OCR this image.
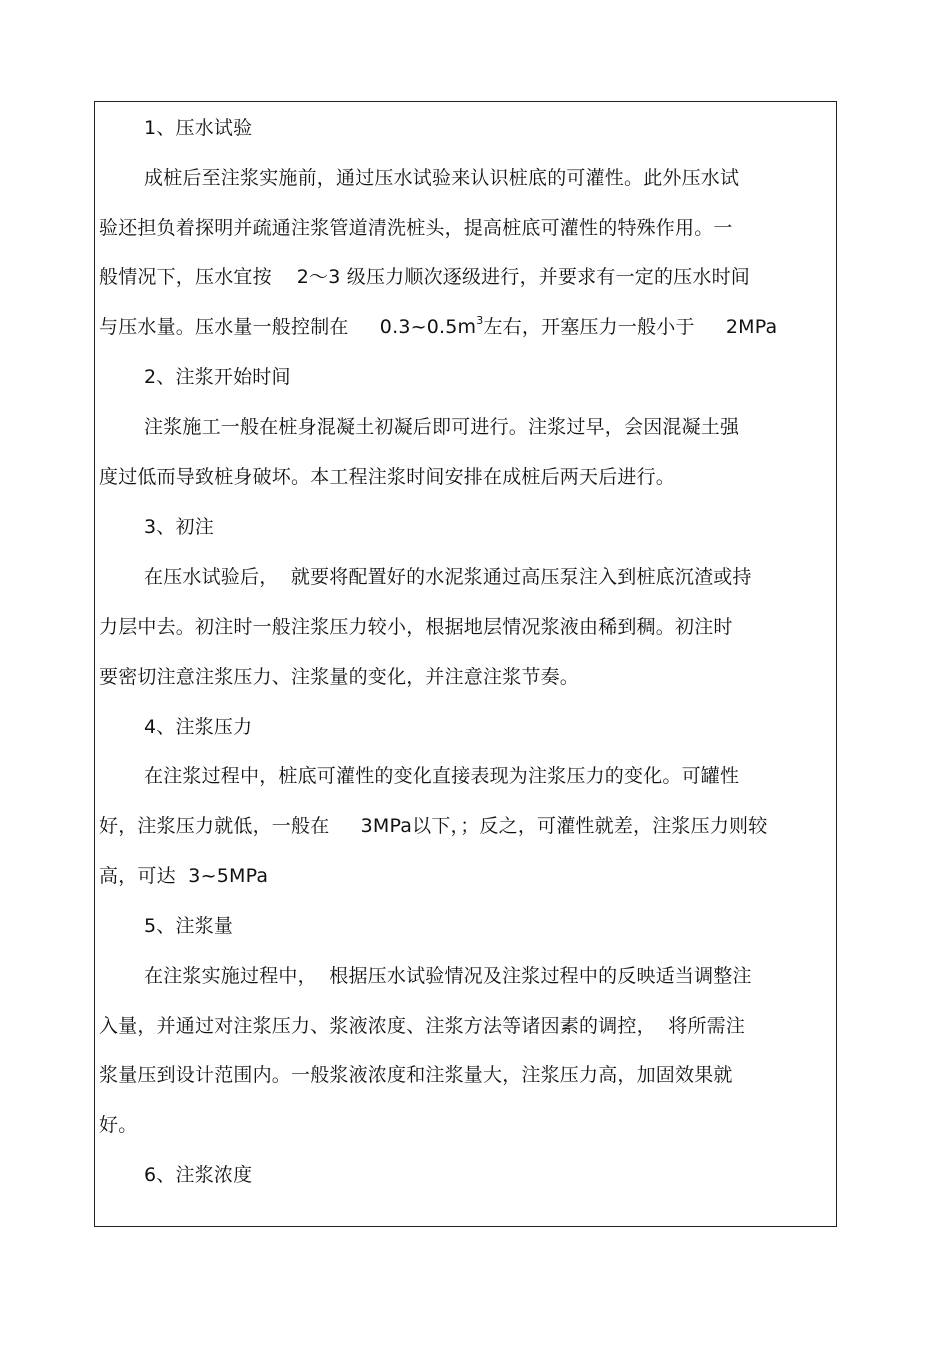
1、压水试验
成桩后至注浆实施前，通过压水试验来认识桩底的可灌性。此外压水试
验还担负着探明并疏通注浆管道清洗桩头，提高桩底可灌性的特殊作用。一
般情况下，压水宜按    2～3 级压力顺次逐级进行，并要求有一定的压水时间
与压水量。压水量一般控制在     $0.3\sim 0.5m^3$左右，开塞压力一般小于     2MPa
2、注浆开始时间
注浆施工一般在桩身混凝土初凝后即可进行。注浆过早，会因混凝土强
度过低而导致桩身破坏。本工程注浆时间安排在成桩后两天后进行。
3、初注
在压水试验后，  就要将配置好的水泥浆通过高压泵注入到桩底沉渣或持
力层中去。初注时一般注浆压力较小，根据地层情况浆液由稀到稠。初注时
要密切注意注浆压力、注浆量的变化，并注意注浆节奏。
4、注浆压力
在注浆过程中，桩底可灌性的变化直接表现为注浆压力的变化。可罐性
好，注浆压力就低，一般在     3MPa以下，；反之，可灌性就差，注浆压力则较
高，可达  3~5MPa
5、注浆量
在注浆实施过程中，  根据压水试验情况及注浆过程中的反映适当调整注
入量，并通过对注浆压力、浆液浓度、注浆方法等诸因素的调控，  将所需注
浆量压到设计范围内。一般浆液浓度和注浆量大，注浆压力高，加固效果就
好。
6、注浆浓度
